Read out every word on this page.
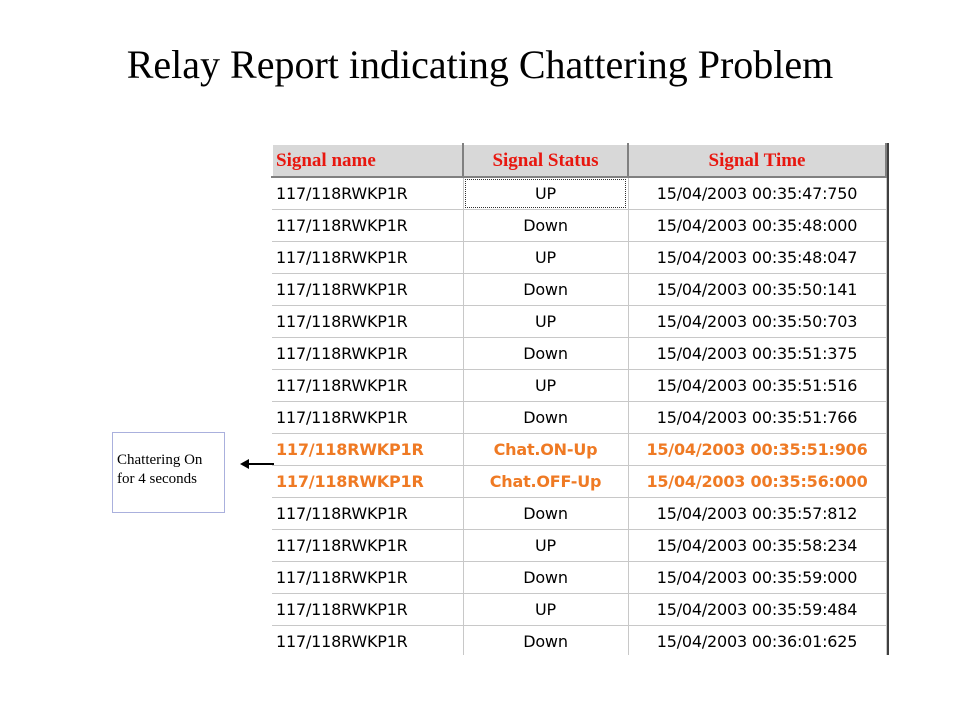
Relay Report indicating Chattering Problem
Signal name	Signal Status	Signal Time
117/118RWKP1R	UP	15/04/2003 00:35:47:750
117/118RWKP1R	Down	15/04/2003 00:35:48:000
117/118RWKP1R	UP	15/04/2003 00:35:48:047
117/118RWKP1R	Down	15/04/2003 00:35:50:141
117/118RWKP1R	UP	15/04/2003 00:35:50:703
117/118RWKP1R	Down	15/04/2003 00:35:51:375
117/118RWKP1R	UP	15/04/2003 00:35:51:516
117/118RWKP1R	Down	15/04/2003 00:35:51:766
117/118RWKP1R	Chat.ON-Up	15/04/2003 00:35:51:906
117/118RWKP1R	Chat.OFF-Up	15/04/2003 00:35:56:000
117/118RWKP1R	Down	15/04/2003 00:35:57:812
117/118RWKP1R	UP	15/04/2003 00:35:58:234
117/118RWKP1R	Down	15/04/2003 00:35:59:000
117/118RWKP1R	UP	15/04/2003 00:35:59:484
117/118RWKP1R	Down	15/04/2003 00:36:01:625
Chattering On
for 4 seconds
